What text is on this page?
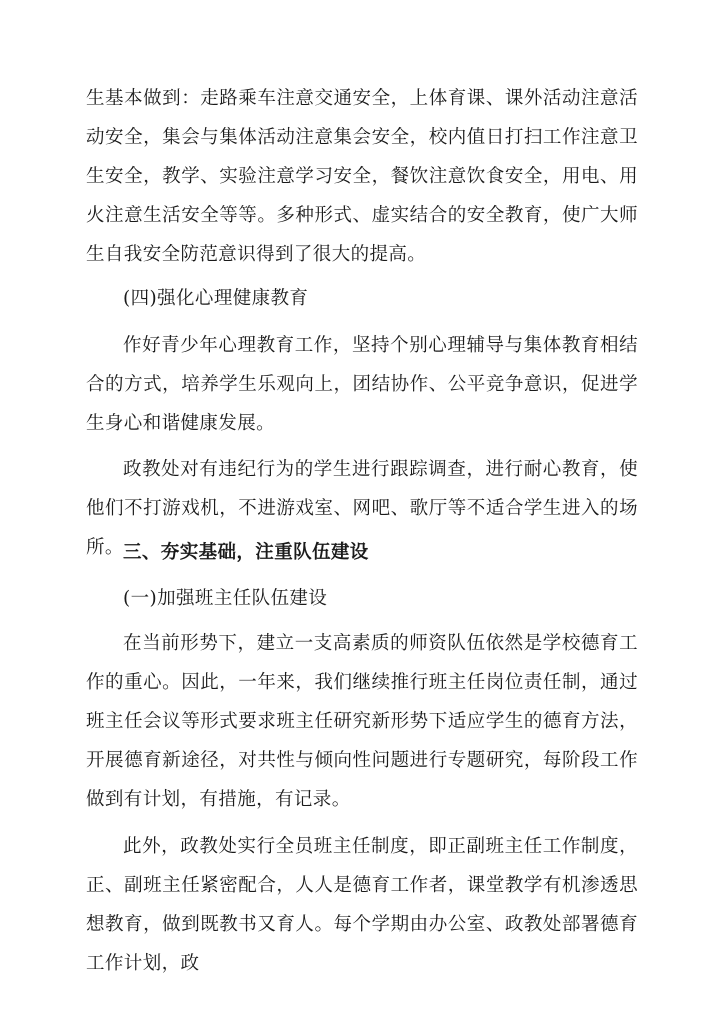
生基本做到：走路乘车注意交通安全，上体育课、课外活动注意活动安全，集会与集体活动注意集会安全，校内值日打扫工作注意卫生安全，教学、实验注意学习安全，餐饮注意饮食安全，用电、用火注意生活安全等等。多种形式、虚实结合的安全教育，使广大师生自我安全防范意识得到了很大的提高。

(四)强化心理健康教育

作好青少年心理教育工作，坚持个别心理辅导与集体教育相结合的方式，培养学生乐观向上，团结协作、公平竞争意识，促进学生身心和谐健康发展。

政教处对有违纪行为的学生进行跟踪调查，进行耐心教育，使他们不打游戏机，不进游戏室、网吧、歌厅等不适合学生进入的场所。 三、夯实基础，注重队伍建设

(一)加强班主任队伍建设

在当前形势下，建立一支高素质的师资队伍依然是学校德育工作的重心。因此，一年来，我们继续推行班主任岗位责任制，通过班主任会议等形式要求班主任研究新形势下适应学生的德育方法，开展德育新途径，对共性与倾向性问题进行专题研究，每阶段工作做到有计划，有措施，有记录。

此外，政教处实行全员班主任制度，即正副班主任工作制度，正、副班主任紧密配合，人人是德育工作者，课堂教学有机渗透思想教育，做到既教书又育人。每个学期由办公室、政教处部署德育工作计划，政
